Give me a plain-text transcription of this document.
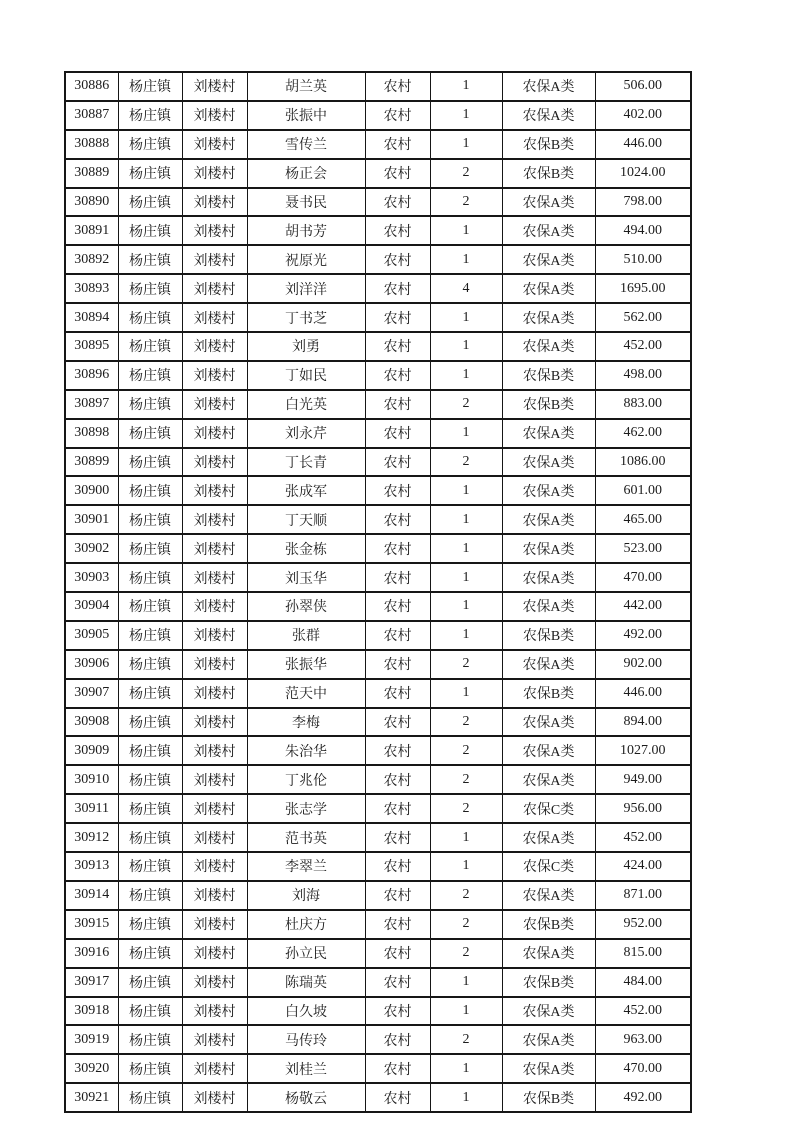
30886	杨庄镇	刘楼村	胡兰英	农村	1	农保A类	506.00
30887	杨庄镇	刘楼村	张振中	农村	1	农保A类	402.00
30888	杨庄镇	刘楼村	雪传兰	农村	1	农保B类	446.00
30889	杨庄镇	刘楼村	杨正会	农村	2	农保B类	1024.00
30890	杨庄镇	刘楼村	聂书民	农村	2	农保A类	798.00
30891	杨庄镇	刘楼村	胡书芳	农村	1	农保A类	494.00
30892	杨庄镇	刘楼村	祝原光	农村	1	农保A类	510.00
30893	杨庄镇	刘楼村	刘洋洋	农村	4	农保A类	1695.00
30894	杨庄镇	刘楼村	丁书芝	农村	1	农保A类	562.00
30895	杨庄镇	刘楼村	刘勇	农村	1	农保A类	452.00
30896	杨庄镇	刘楼村	丁如民	农村	1	农保B类	498.00
30897	杨庄镇	刘楼村	白光英	农村	2	农保B类	883.00
30898	杨庄镇	刘楼村	刘永芹	农村	1	农保A类	462.00
30899	杨庄镇	刘楼村	丁长青	农村	2	农保A类	1086.00
30900	杨庄镇	刘楼村	张成军	农村	1	农保A类	601.00
30901	杨庄镇	刘楼村	丁天顺	农村	1	农保A类	465.00
30902	杨庄镇	刘楼村	张金栋	农村	1	农保A类	523.00
30903	杨庄镇	刘楼村	刘玉华	农村	1	农保A类	470.00
30904	杨庄镇	刘楼村	孙翠侠	农村	1	农保A类	442.00
30905	杨庄镇	刘楼村	张群	农村	1	农保B类	492.00
30906	杨庄镇	刘楼村	张振华	农村	2	农保A类	902.00
30907	杨庄镇	刘楼村	范天中	农村	1	农保B类	446.00
30908	杨庄镇	刘楼村	李梅	农村	2	农保A类	894.00
30909	杨庄镇	刘楼村	朱治华	农村	2	农保A类	1027.00
30910	杨庄镇	刘楼村	丁兆伦	农村	2	农保A类	949.00
30911	杨庄镇	刘楼村	张志学	农村	2	农保C类	956.00
30912	杨庄镇	刘楼村	范书英	农村	1	农保A类	452.00
30913	杨庄镇	刘楼村	李翠兰	农村	1	农保C类	424.00
30914	杨庄镇	刘楼村	刘海	农村	2	农保A类	871.00
30915	杨庄镇	刘楼村	杜庆方	农村	2	农保B类	952.00
30916	杨庄镇	刘楼村	孙立民	农村	2	农保A类	815.00
30917	杨庄镇	刘楼村	陈瑞英	农村	1	农保B类	484.00
30918	杨庄镇	刘楼村	白久坡	农村	1	农保A类	452.00
30919	杨庄镇	刘楼村	马传玲	农村	2	农保A类	963.00
30920	杨庄镇	刘楼村	刘桂兰	农村	1	农保A类	470.00
30921	杨庄镇	刘楼村	杨敬云	农村	1	农保B类	492.00
